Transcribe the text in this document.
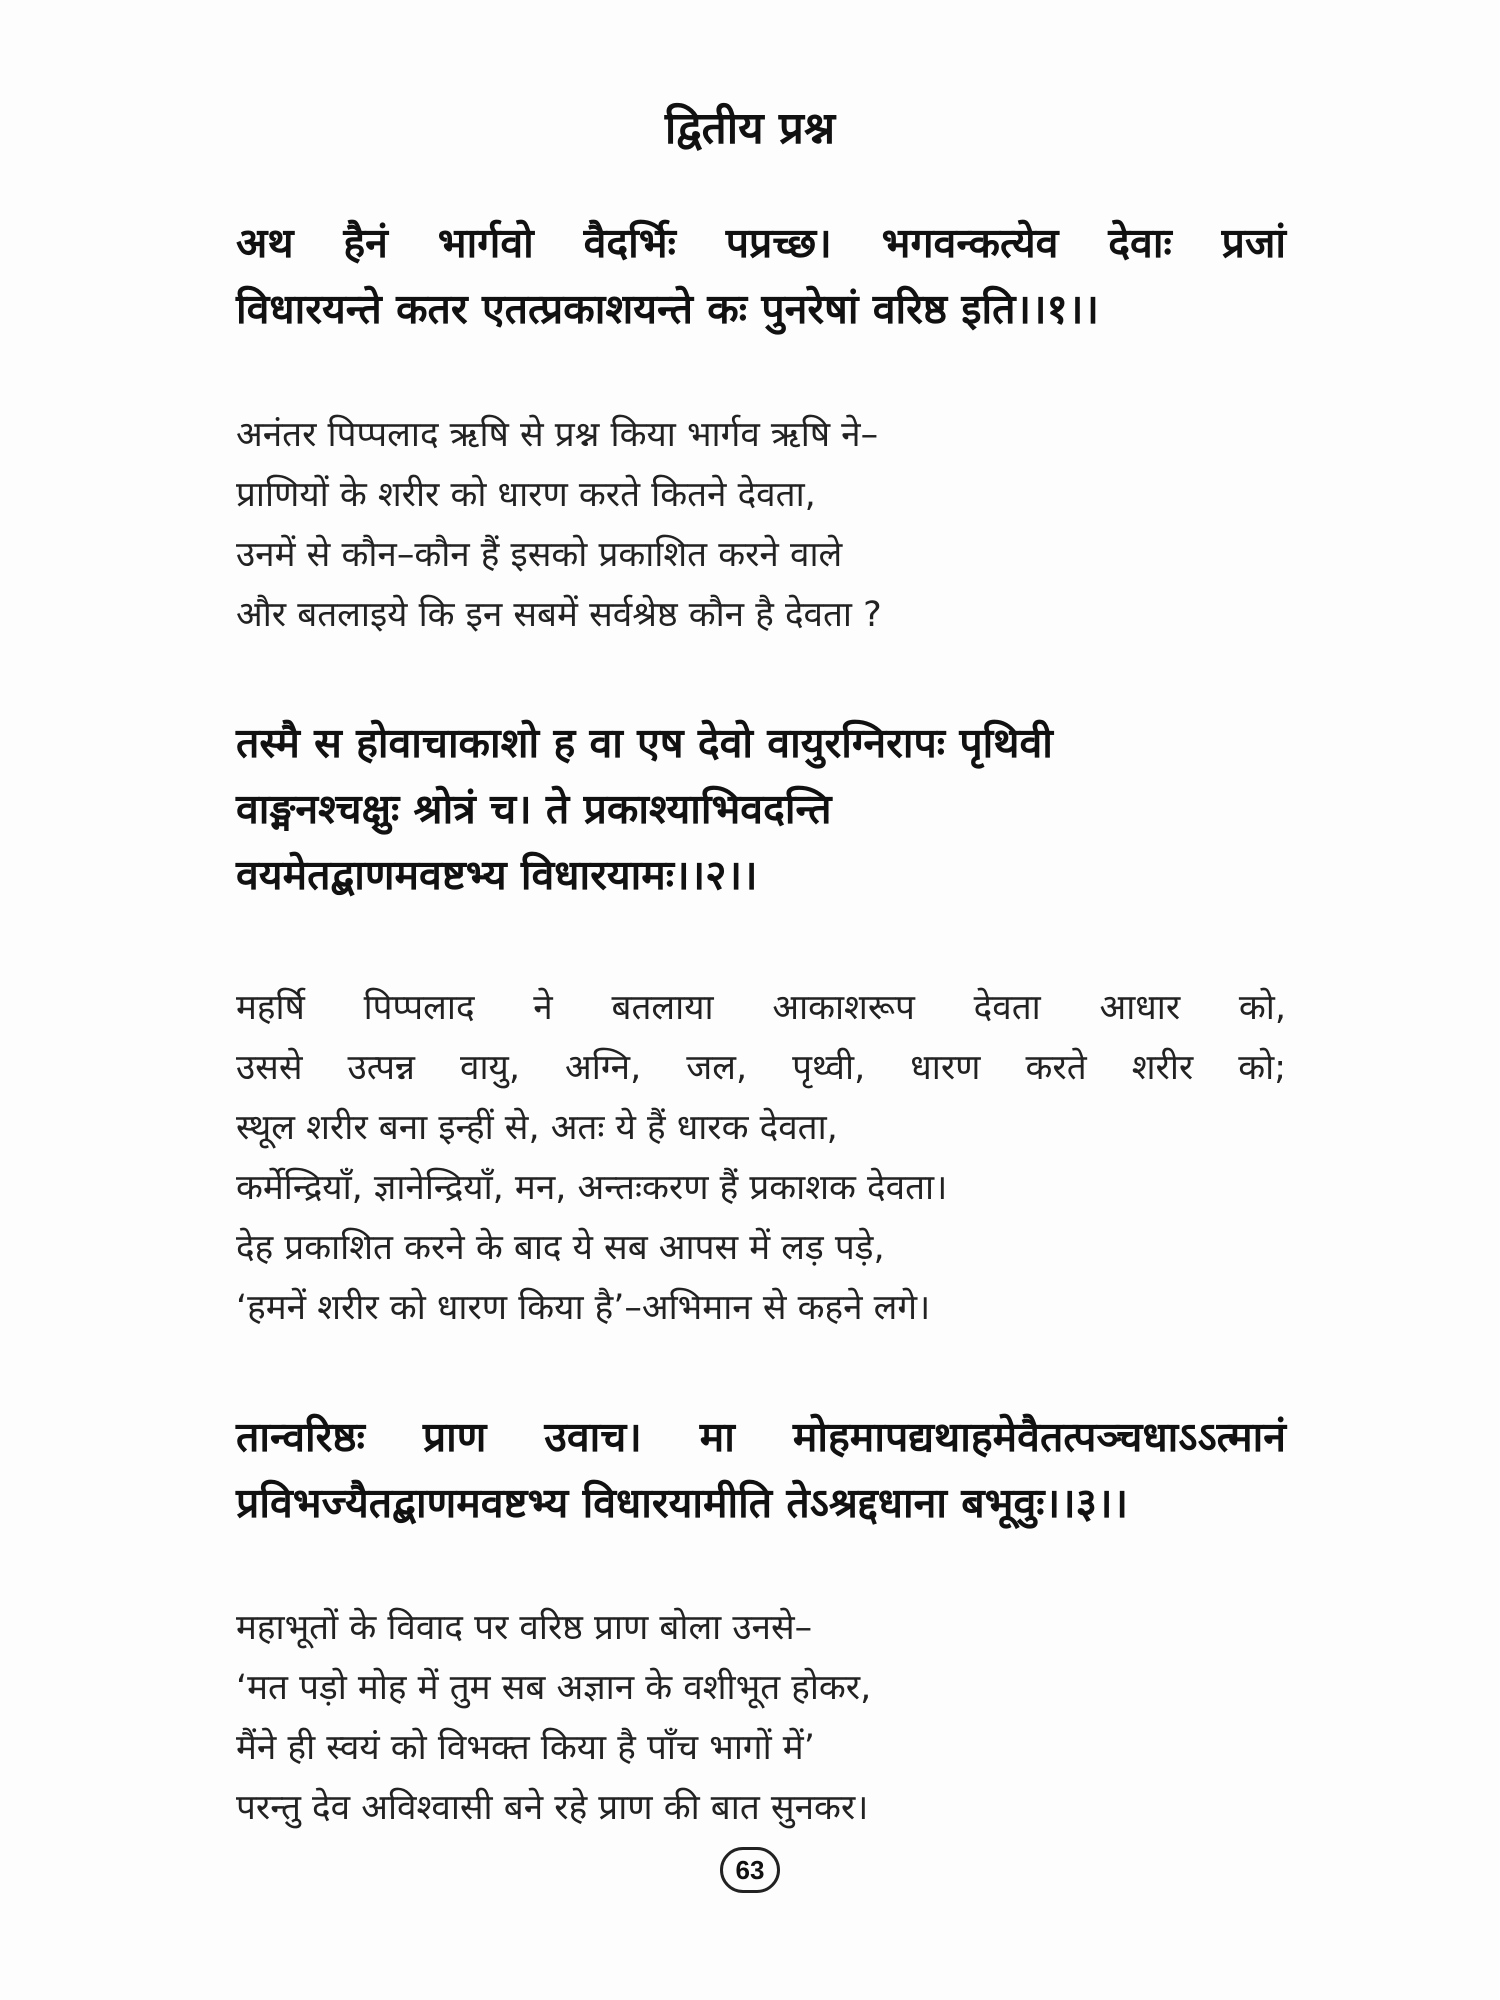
द्वितीय प्रश्न
अथ हैनं भार्गवो वैदर्भिः पप्रच्छ। भगवन्कत्येव देवाः प्रजां
विधारयन्ते कतर एतत्प्रकाशयन्ते कः पुनरेषां वरिष्ठ इति।।१।।
अनंतर पिप्पलाद ऋषि से प्रश्न किया भार्गव ऋषि ने–
प्राणियों के शरीर को धारण करते कितने देवता,
उनमें से कौन–कौन हैं इसको प्रकाशित करने वाले
और बतलाइये कि इन सबमें सर्वश्रेष्ठ कौन है देवता ?
तस्मै स होवाचाकाशो ह वा एष देवो वायुरग्निरापः पृथिवी
वाङ्मनश्चक्षुः श्रोत्रं च। ते प्रकाश्याभिवदन्ति
वयमेतद्बाणमवष्टभ्य विधारयामः।।२।।
महर्षि पिप्पलाद ने बतलाया आकाशरूप देवता आधार को,
उससे उत्पन्न वायु, अग्नि, जल, पृथ्वी, धारण करते शरीर को;
स्थूल शरीर बना इन्हीं से, अतः ये हैं धारक देवता,
कर्मेन्द्रियाँ, ज्ञानेन्द्रियाँ, मन, अन्तःकरण हैं प्रकाशक देवता।
देह प्रकाशित करने के बाद ये सब आपस में लड़ पड़े,
‘हमनें शरीर को धारण किया है’–अभिमान से कहने लगे।
तान्वरिष्ठः प्राण उवाच। मा मोहमापद्यथाहमेवैतत्पञ्चधाऽऽत्मानं
प्रविभज्यैतद्बाणमवष्टभ्य विधारयामीति तेऽश्रद्दधाना बभूवुः।।३।।
महाभूतों के विवाद पर वरिष्ठ प्राण बोला उनसे–
‘मत पड़ो मोह में तुम सब अज्ञान के वशीभूत होकर,
मैंने ही स्वयं को विभक्त किया है पाँच भागों में’
परन्तु देव अविश्वासी बने रहे प्राण की बात सुनकर।
63
